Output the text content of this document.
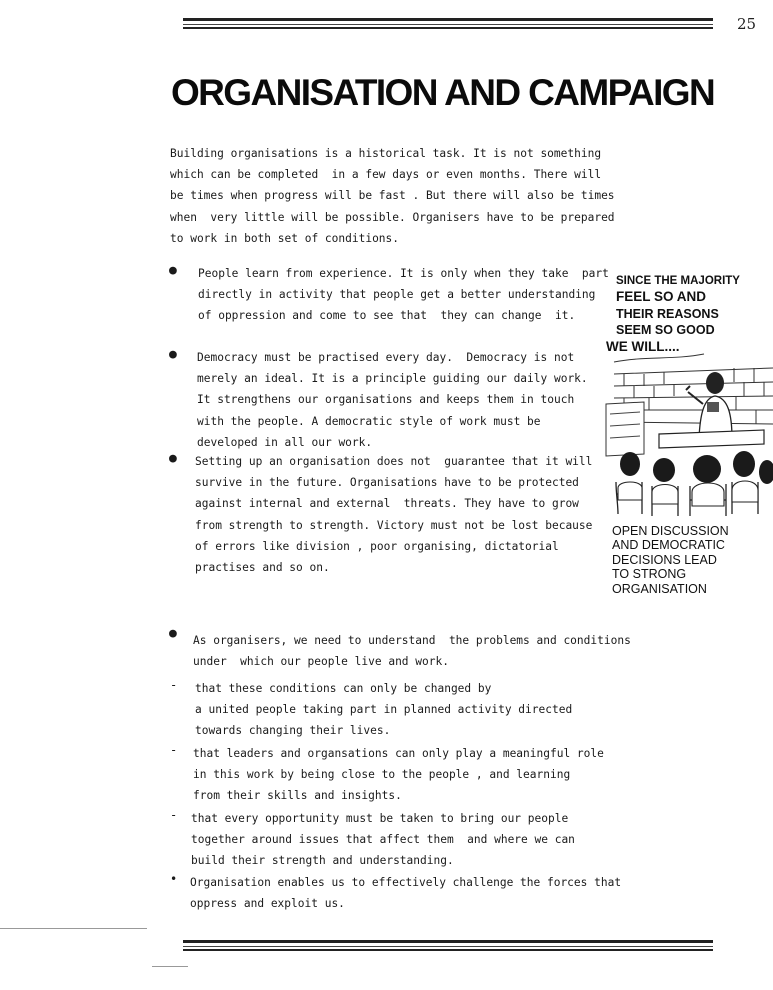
25
ORGANISATION AND CAMPAIGN
Building organisations is a historical task. It is not something
which can be completed  in a few days or even months. There will
be times when progress will be fast . But there will also be times
when  very little will be possible. Organisers have to be prepared
to work in both set of conditions.
● People learn from experience. It is only when they take  part
directly in activity that people get a better understanding
of oppression and come to see that  they can change  it.
● Democracy must be practised every day.  Democracy is not
merely an ideal. It is a principle guiding our daily work.
It strengthens our organisations and keeps them in touch
with the people. A democratic style of work must be
developed in all our work.
● Setting up an organisation does not  guarantee that it will
survive in the future. Organisations have to be protected
against internal and external  threats. They have to grow
from strength to strength. Victory must not be lost because
of errors like division , poor organising, dictatorial
practises and so on.
● As organisers, we need to understand  the problems and conditions
under  which our people live and work.
- that these conditions can only be changed by
a united people taking part in planned activity directed
towards changing their lives.
- that leaders and organsations can only play a meaningful role
in this work by being close to the people , and learning
from their skills and insights.
- that every opportunity must be taken to bring our people
together around issues that affect them  and where we can
build their strength and understanding.
• Organisation enables us to effectively challenge the forces that
oppress and exploit us.
SINCE THE MAJORITY
FEEL SO AND
THEIR REASONS
SEEM SO GOOD
WE WILL....
OPEN DISCUSSION
AND DEMOCRATIC
DECISIONS LEAD
TO STRONG
ORGANISATION
